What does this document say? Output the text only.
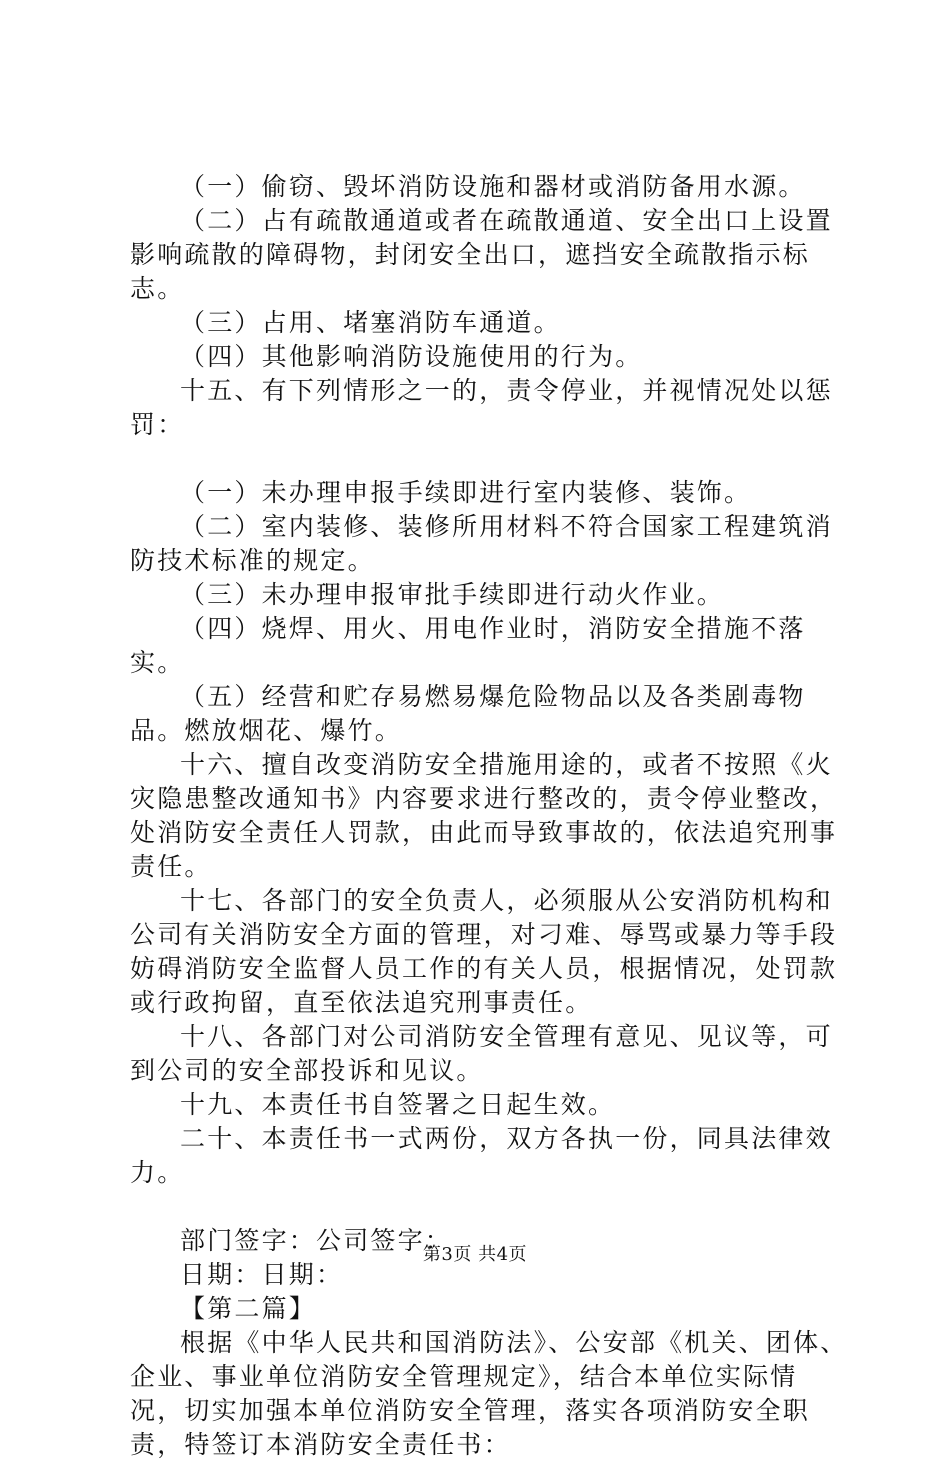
（一）偷窃、毁坏消防设施和器材或消防备用水源。

（二）占有疏散通道或者在疏散通道、安全出口上设置影响疏散的障碍物，封闭安全出口，遮挡安全疏散指示标志。

（三）占用、堵塞消防车通道。

（四）其他影响消防设施使用的行为。

十五、有下列情形之一的，责令停业，并视情况处以惩罚：

（一）未办理申报手续即进行室内装修、装饰。

（二）室内装修、装修所用材料不符合国家工程建筑消防技术标准的规定。

（三）未办理申报审批手续即进行动火作业。

（四）烧焊、用火、用电作业时，消防安全措施不落实。

（五）经营和贮存易燃易爆危险物品以及各类剧毒物品。燃放烟花、爆竹。

十六、擅自改变消防安全措施用途的，或者不按照《火灾隐患整改通知书》内容要求进行整改的，责令停业整改，处消防安全责任人罚款，由此而导致事故的，依法追究刑事责任。

十七、各部门的安全负责人，必须服从公安消防机构和公司有关消防安全方面的管理，对刁难、辱骂或暴力等手段妨碍消防安全监督人员工作的有关人员，根据情况，处罚款或行政拘留，直至依法追究刑事责任。

十八、各部门对公司消防安全管理有意见、见议等，可到公司的安全部投诉和见议。

十九、本责任书自签署之日起生效。

二十、本责任书一式两份，双方各执一份，同具法律效力。

部门签字：公司签字：

日期：日期：

【第二篇】

根据《中华人民共和国消防法》、公安部《机关、团体、企业、事业单位消防安全管理规定》，结合本单位实际情况，切实加强本单位消防安全管理，落实各项消防安全职责，特签订本消防安全责任书：

第3页 共4页
